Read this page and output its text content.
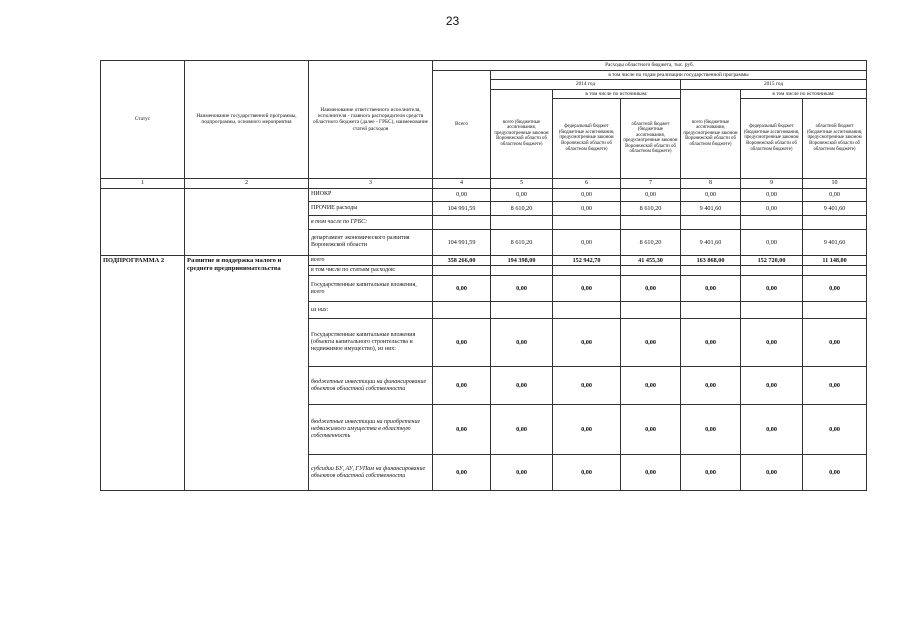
23
Статус	Наименование государственной программы, подпрограммы, основного мероприятия	Наименование ответственного исполнителя, исполнителя - главного распорядителя средств областного бюджета (далее - ГРБС), наименование статей расходов	Расходы областного бюджета, тыс. руб.						
			Всего	в том числе по годам реализации государственной программы					
				2014 год			2015 год		
				всего (бюджетные ассигнования, предусмотренные законом Воронежской области об областном бюджете)	в том числе по источникам:		всего (бюджетные ассигнования, предусмотренные законом Воронежской области об областном бюджете)	в том числе по источникам:	
					федеральный бюджет (бюджетные ассигнования, предусмотренные законом Воронежской области об областном бюджете)	областной бюджет (бюджетные ассигнования, предусмотренные законом Воронежской области об областном бюджете)		федеральный бюджет (бюджетные ассигнования, предусмотренные законом Воронежской области об областном бюджете)	областной бюджет (бюджетные ассигнования, предусмотренные законом Воронежской области об областном бюджете)
1	2	3	4	5	6	7	8	9	10
		НИОКР	0,00	0,00	0,00	0,00	0,00	0,00	0,00
		ПРОЧИЕ расходы	104 991,59	8 610,20	0,00	8 610,20	9 401,60	0,00	9 401,60
		в том числе по ГРБС:							
		департамент экономического развития Воронежской области	104 991,59	8 610,20	0,00	8 610,20	9 401,60	0,00	9 401,60
ПОДПРОГРАММА 2	Развитие и поддержка малого и среднего предпринимательства	всего	358 266,00	194 398,00	152 942,70	41 455,30	163 868,00	152 720,00	11 148,00
		в том числе по статьям расходов:							
		Государственные капитальные вложения, всего	0,00	0,00	0,00	0,00	0,00	0,00	0,00
		из них:							
		Государственные капитальные вложения (объекты капитального строительства и недвижимое имущество), из них:	0,00	0,00	0,00	0,00	0,00	0,00	0,00
		бюджетные инвестиции на финансирование объектов областной собственности	0,00	0,00	0,00	0,00	0,00	0,00	0,00
		бюджетные инвестиции на приобретение недвижимого имущества в областную собственность	0,00	0,00	0,00	0,00	0,00	0,00	0,00
		субсидии БУ, АУ, ГУПам на финансирование объектов областной собственности	0,00	0,00	0,00	0,00	0,00	0,00	0,00
